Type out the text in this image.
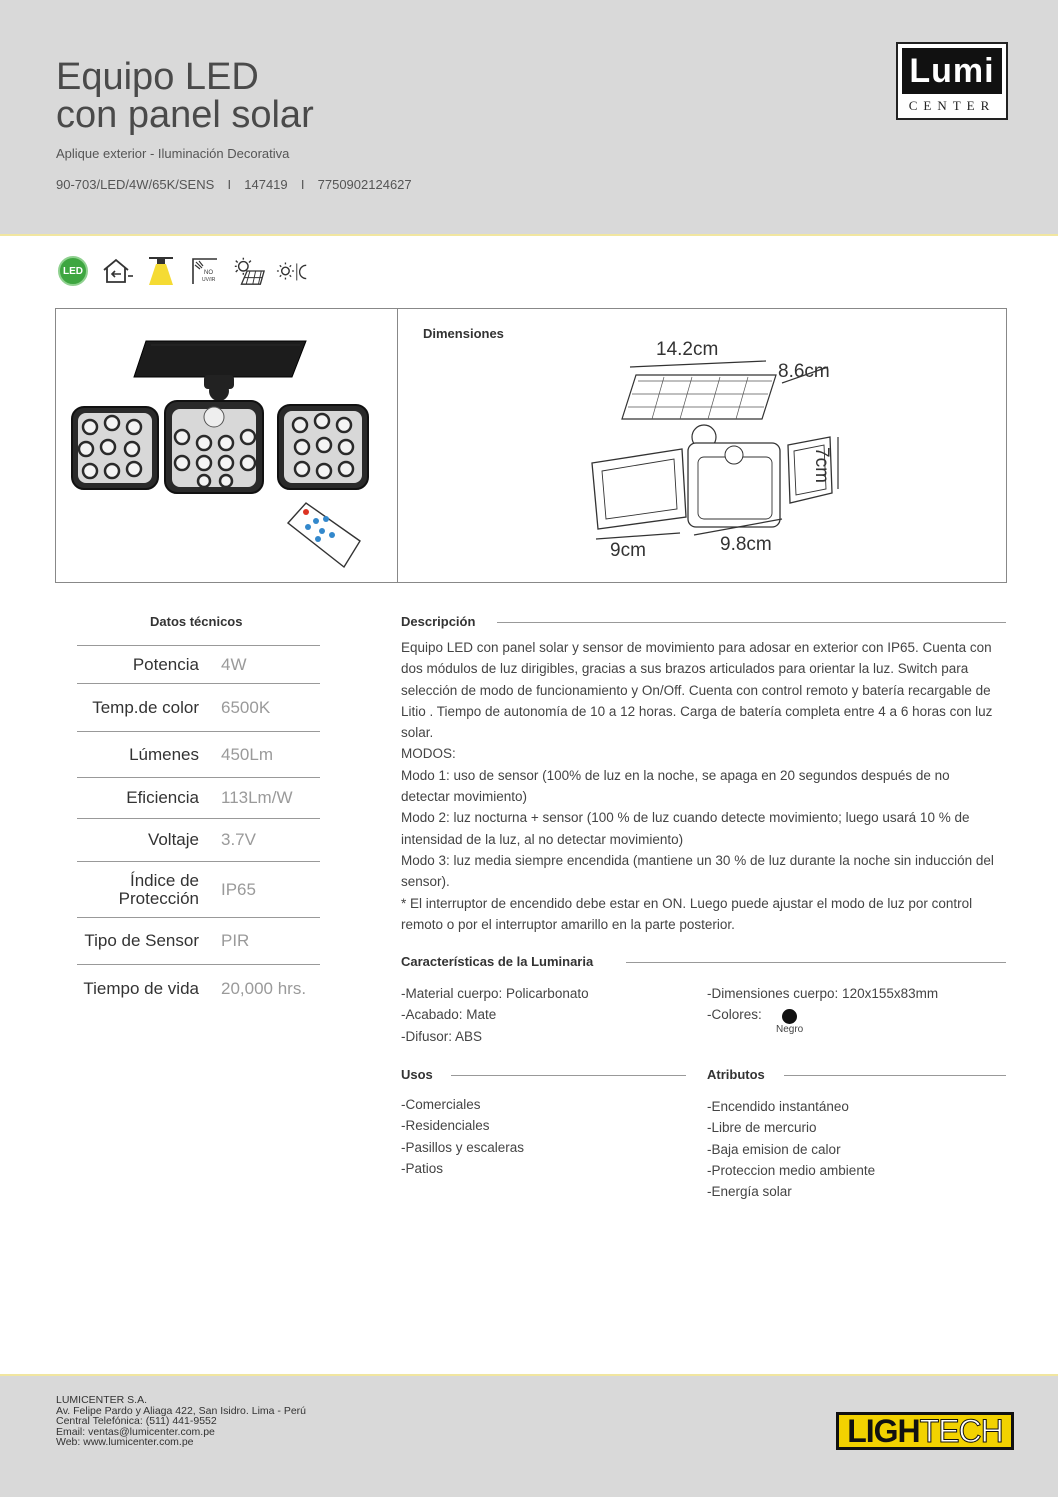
Equipo LED
con panel solar
Aplique exterior - Iluminación Decorativa
90-703/LED/4W/65K/SENS I 147419 I 7750902124627
Lumi
CENTER
LED	NO
UV/IR
Dimensiones
14.2cm
8.6cm
7cm
9cm	9.8cm
Datos técnicos
Potencia	4W
Temp.de color	6500K
Lúmenes	450Lm
Eficiencia	113Lm/W
Voltaje	3.7V
Índice de Protección	IP65
Tipo de Sensor	PIR
Tiempo de vida	20,000 hrs.
Descripción

Equipo LED con panel solar y sensor de movimiento para adosar en exterior con IP65. Cuenta con dos módulos de luz dirigibles, gracias a sus brazos articulados para orientar la luz. Switch para selección de modo de funcionamiento y On/Off. Cuenta con control remoto y batería recargable de Litio . Tiempo de autonomía de 10 a 12 horas. Carga de batería completa entre 4 a 6 horas con luz solar.

MODOS:

Modo 1: uso de sensor (100% de luz en la noche, se apaga en 20 segundos después de no detectar movimiento)

Modo 2: luz nocturna + sensor (100 % de luz cuando detecte movimiento; luego usará 10 % de intensidad de la luz, al no detectar movimiento)

Modo 3: luz media siempre encendida (mantiene un 30 % de luz durante la noche sin inducción del sensor).

* El interruptor de encendido debe estar en ON. Luego puede ajustar el modo de luz por control remoto o por el interruptor amarillo en la parte posterior.

Características de la Luminaria
-Material cuerpo: Policarbonato
-Acabado: Mate
-Difusor: ABS
-Dimensiones cuerpo: 120x155x83mm
-Colores:
Negro
Usos
-Comerciales
-Residenciales
-Pasillos y escaleras
-Patios
Atributos
-Encendido instantáneo
-Libre de mercurio
-Baja emision de calor
-Proteccion medio ambiente
-Energía solar
LUMICENTER S.A.
Av. Felipe Pardo y Aliaga 422, San Isidro. Lima - Perú
Central Telefónica: (511) 441-9552
Email: ventas@lumicenter.com.pe
Web: www.lumicenter.com.pe	LIGH TECH
